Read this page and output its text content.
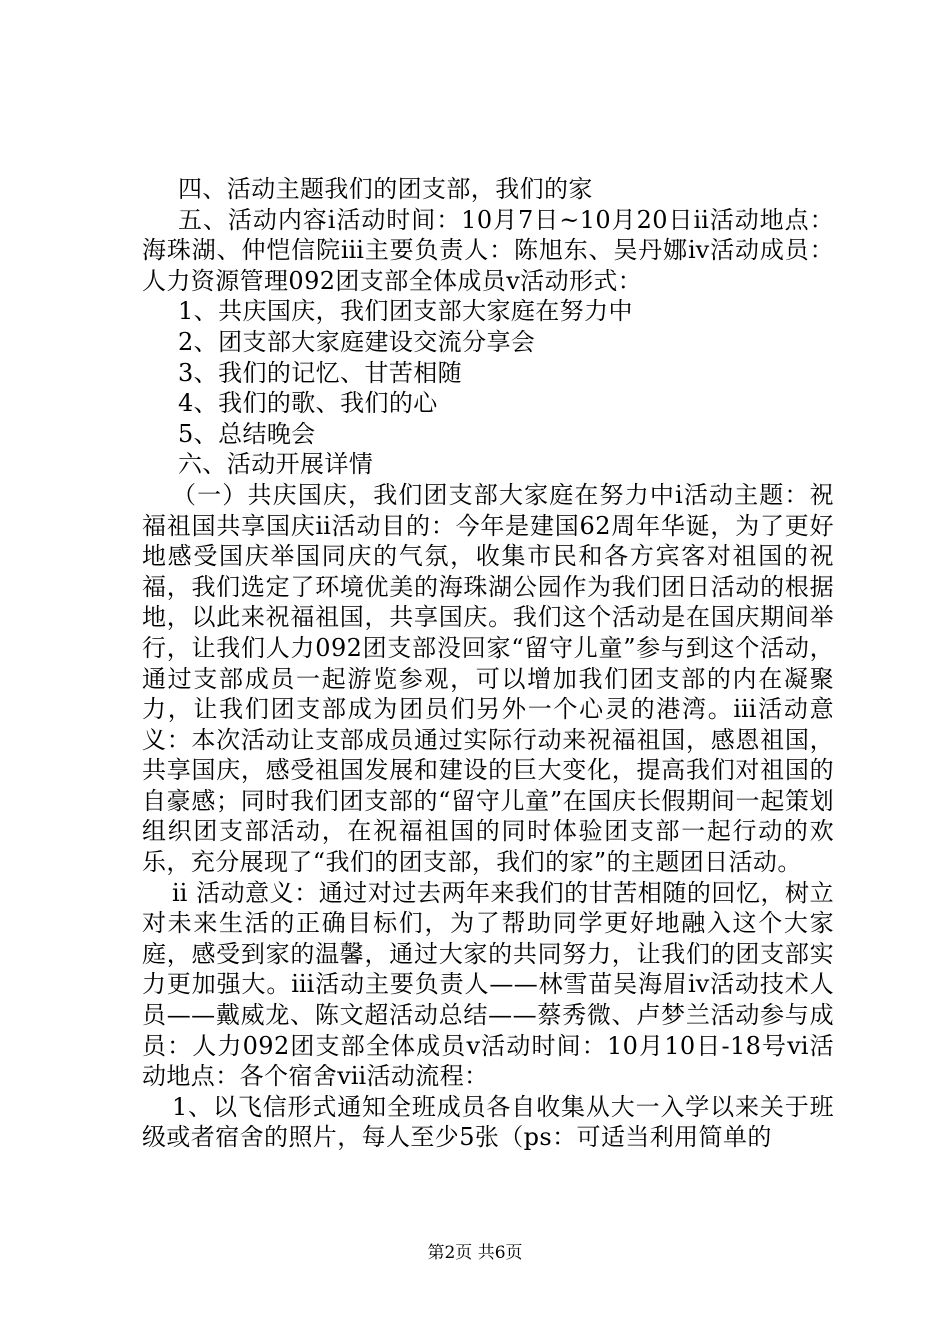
四、活动主题我们的团支部，我们的家

五、活动内容ⅰ活动时间：10月7日~10月20日ⅱ活动地点：海珠湖、仲恺信院ⅲ主要负责人：陈旭东、吴丹娜ⅳ活动成员：人力资源管理092团支部全体成员ⅴ活动形式：

1、共庆国庆，我们团支部大家庭在努力中

2、团支部大家庭建设交流分享会

3、我们的记忆、甘苦相随

4、我们的歌、我们的心

5、总结晚会

六、活动开展详情

（一）共庆国庆，我们团支部大家庭在努力中ⅰ活动主题：祝福祖国共享国庆ⅱ活动目的：今年是建国62周年华诞，为了更好地感受国庆举国同庆的气氛，收集市民和各方宾客对祖国的祝福，我们选定了环境优美的海珠湖公园作为我们团日活动的根据地，以此来祝福祖国，共享国庆。我们这个活动是在国庆期间举行，让我们人力092团支部没回家“留守儿童”参与到这个活动，通过支部成员一起游览参观，可以增加我们团支部的内在凝聚力，让我们团支部成为团员们另外一个心灵的港湾。ⅲ活动意义：本次活动让支部成员通过实际行动来祝福祖国，感恩祖国，共享国庆，感受祖国发展和建设的巨大变化，提高我们对祖国的自豪感；同时我们团支部的“留守儿童”在国庆长假期间一起策划组织团支部活动，在祝福祖国的同时体验团支部一起行动的欢乐，充分展现了“我们的团支部，我们的家”的主题团日活动。

ⅱ 活动意义：通过对过去两年来我们的甘苦相随的回忆，树立对未来生活的正确目标们，为了帮助同学更好地融入这个大家庭，感受到家的温馨，通过大家的共同努力，让我们的团支部实力更加强大。ⅲ活动主要负责人——林雪苗吴海眉ⅳ活动技术人员——戴威龙、陈文超活动总结——蔡秀微、卢梦兰活动参与成员：人力092团支部全体成员ⅴ活动时间：10月10日-18号ⅵ活动地点：各个宿舍ⅶ活动流程：

1、以飞信形式通知全班成员各自收集从大一入学以来关于班级或者宿舍的照片，每人至少5张（ps：可适当利用简单的

第2页 共6页
